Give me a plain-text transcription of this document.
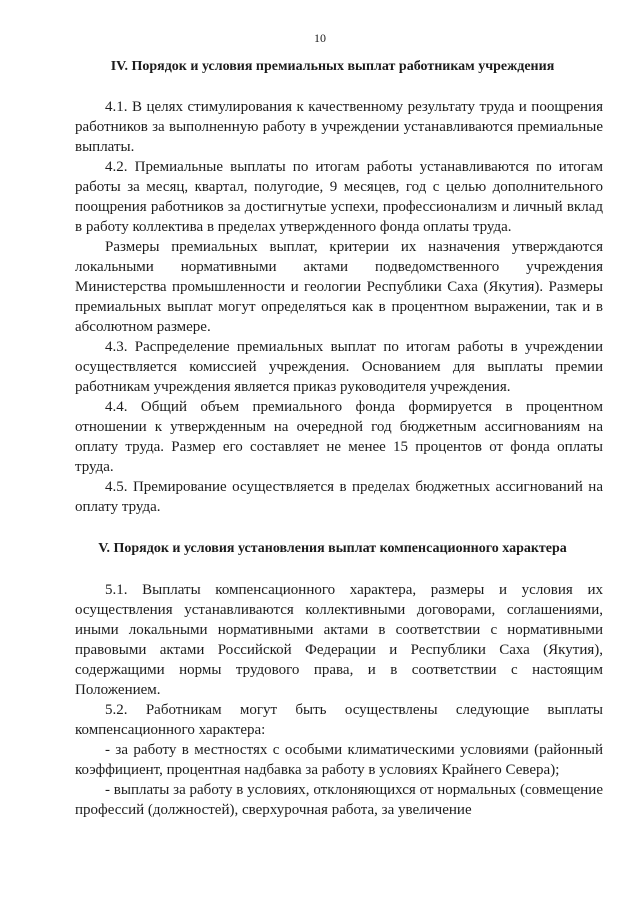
10
IV. Порядок и условия премиальных выплат работникам учреждения

4.1. В целях стимулирования к качественному результату труда и поощрения работников за выполненную работу в учреждении устанавливаются премиальные выплаты.

4.2. Премиальные выплаты по итогам работы устанавливаются по итогам работы за месяц, квартал, полугодие, 9 месяцев, год с целью дополнительного поощрения работников за достигнутые успехи, профессионализм и личный вклад в работу коллектива в пределах утвержденного фонда оплаты труда.

Размеры премиальных выплат, критерии их назначения утверждаются локальными нормативными актами подведомственного учреждения Министерства промышленности и геологии Республики Саха (Якутия). Размеры премиальных выплат могут определяться как в процентном выражении, так и в абсолютном размере.

4.3. Распределение премиальных выплат по итогам работы в учреждении осуществляется комиссией учреждения. Основанием для выплаты премии работникам учреждения является приказ руководителя учреждения.

4.4. Общий объем премиального фонда формируется в процентном отношении к утвержденным на очередной год бюджетным ассигнованиям на оплату труда. Размер его составляет не менее 15 процентов от фонда оплаты труда.

4.5. Премирование осуществляется в пределах бюджетных ассигнований на оплату труда.

V. Порядок и условия установления выплат компенсационного характера

5.1. Выплаты компенсационного характера, размеры и условия их осуществления устанавливаются коллективными договорами, соглашениями, иными локальными нормативными актами в соответствии с нормативными правовыми актами Российской Федерации и Республики Саха (Якутия), содержащими нормы трудового права, и в соответствии с настоящим Положением.

5.2. Работникам могут быть осуществлены следующие выплаты компенсационного характера:

- за работу в местностях с особыми климатическими условиями (районный коэффициент, процентная надбавка за работу в условиях Крайнего Севера);

- выплаты за работу в условиях, отклоняющихся от нормальных (совмещение профессий (должностей), сверхурочная работа, за увеличение
